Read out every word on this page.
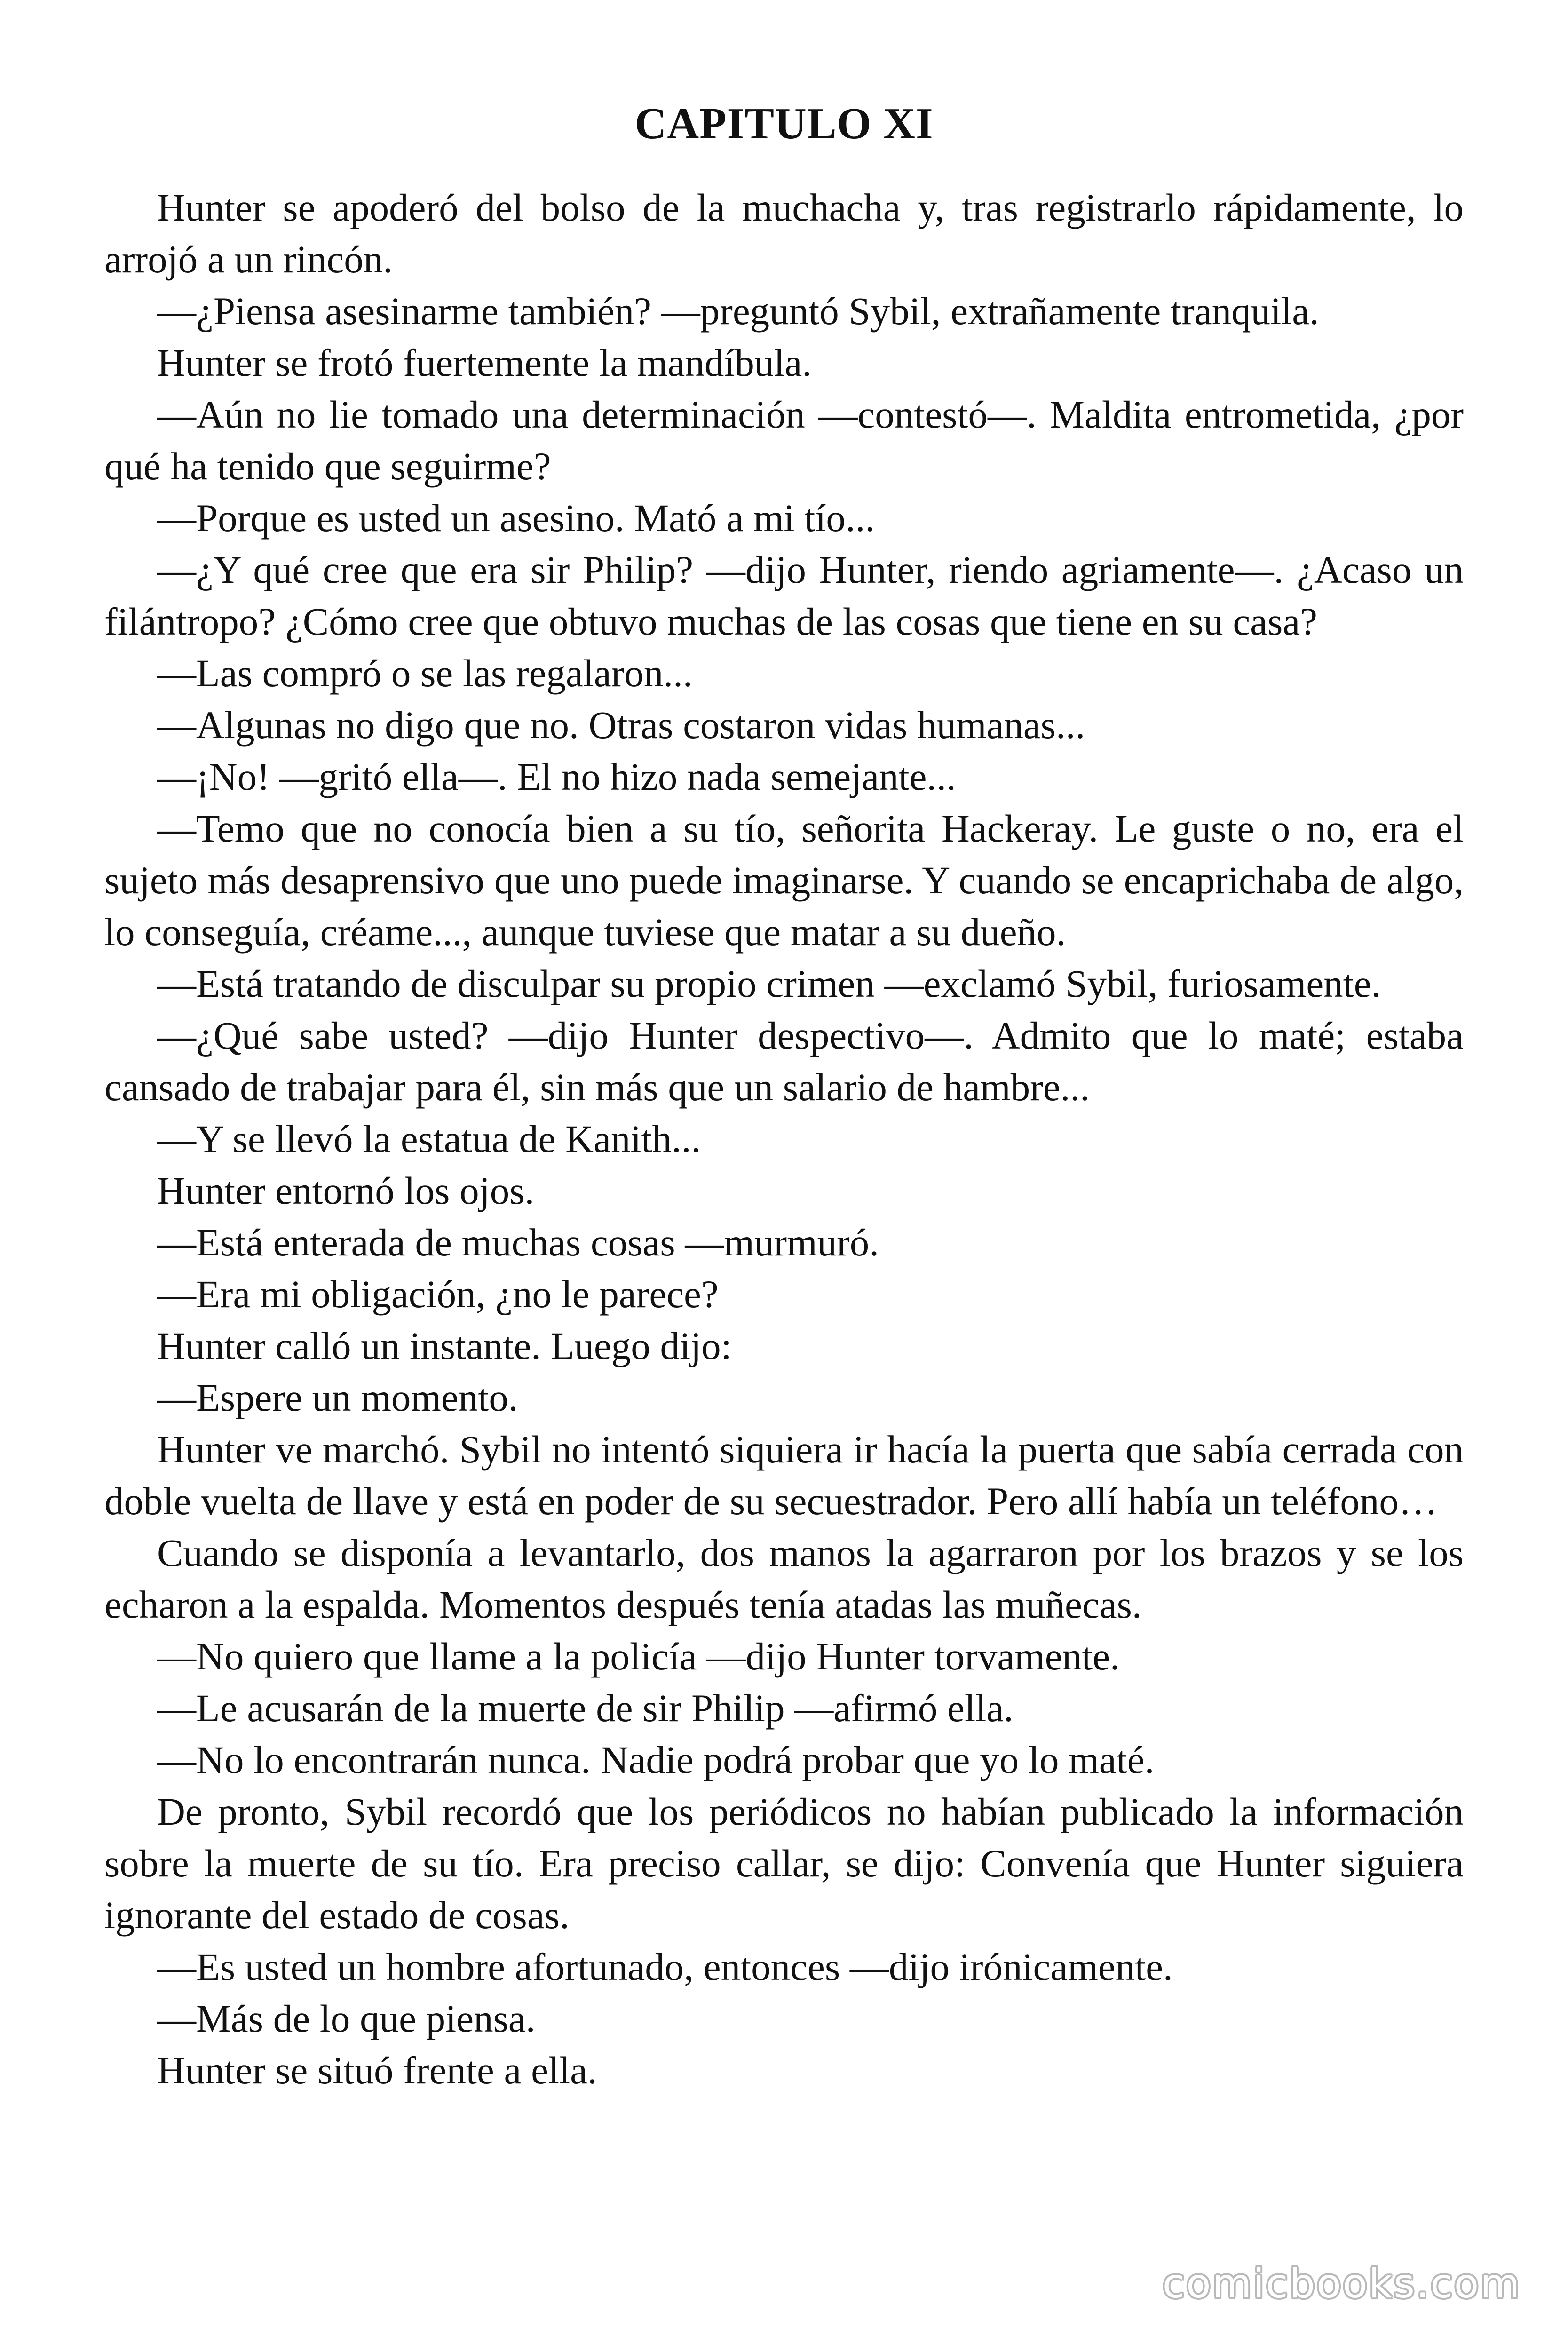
CAPITULO XI

Hunter se apoderó del bolso de la muchacha y, tras registrarlo rápidamente, lo arrojó a un rincón.

—¿Piensa asesinarme también? —preguntó Sybil, extrañamente tranquila.

Hunter se frotó fuertemente la mandíbula.

—Aún no lie tomado una determinación —contestó—. Maldita entrometida, ¿por qué ha tenido que seguirme?

—Porque es usted un asesino. Mató a mi tío...

—¿Y qué cree que era sir Philip? —dijo Hunter, riendo agriamente—. ¿Acaso un filántropo? ¿Cómo cree que obtuvo muchas de las cosas que tiene en su casa?

—Las compró o se las regalaron...

—Algunas no digo que no. Otras costaron vidas humanas...

—¡No! —gritó ella—. El no hizo nada semejante...

—Temo que no conocía bien a su tío, señorita Hackeray. Le guste o no, era el sujeto más desaprensivo que uno puede imaginarse. Y cuando se encaprichaba de algo, lo conseguía, créame..., aunque tuviese que matar a su dueño.

—Está tratando de disculpar su propio crimen —exclamó Sybil, furiosamente.

—¿Qué sabe usted? —dijo Hunter despectivo—. Admito que lo maté; estaba cansado de trabajar para él, sin más que un salario de hambre...

—Y se llevó la estatua de Kanith...

Hunter entornó los ojos.

—Está enterada de muchas cosas —murmuró.

—Era mi obligación, ¿no le parece?

Hunter calló un instante. Luego dijo:

—Espere un momento.

Hunter ve marchó. Sybil no intentó siquiera ir hacía la puerta que sabía cerrada con doble vuelta de llave y está en poder de su secuestrador. Pero allí había un teléfono…

Cuando se disponía a levantarlo, dos manos la agarraron por los brazos y se los echaron a la espalda. Momentos después tenía atadas las muñecas.

—No quiero que llame a la policía —dijo Hunter torvamente.

—Le acusarán de la muerte de sir Philip —afirmó ella.

—No lo encontrarán nunca. Nadie podrá probar que yo lo maté.

De pronto, Sybil recordó que los periódicos no habían publicado la información sobre la muerte de su tío. Era preciso callar, se dijo: Convenía que Hunter siguiera ignorante del estado de cosas.

—Es usted un hombre afortunado, entonces —dijo irónicamente.

—Más de lo que piensa.

Hunter se situó frente a ella.

comicbooks.com
